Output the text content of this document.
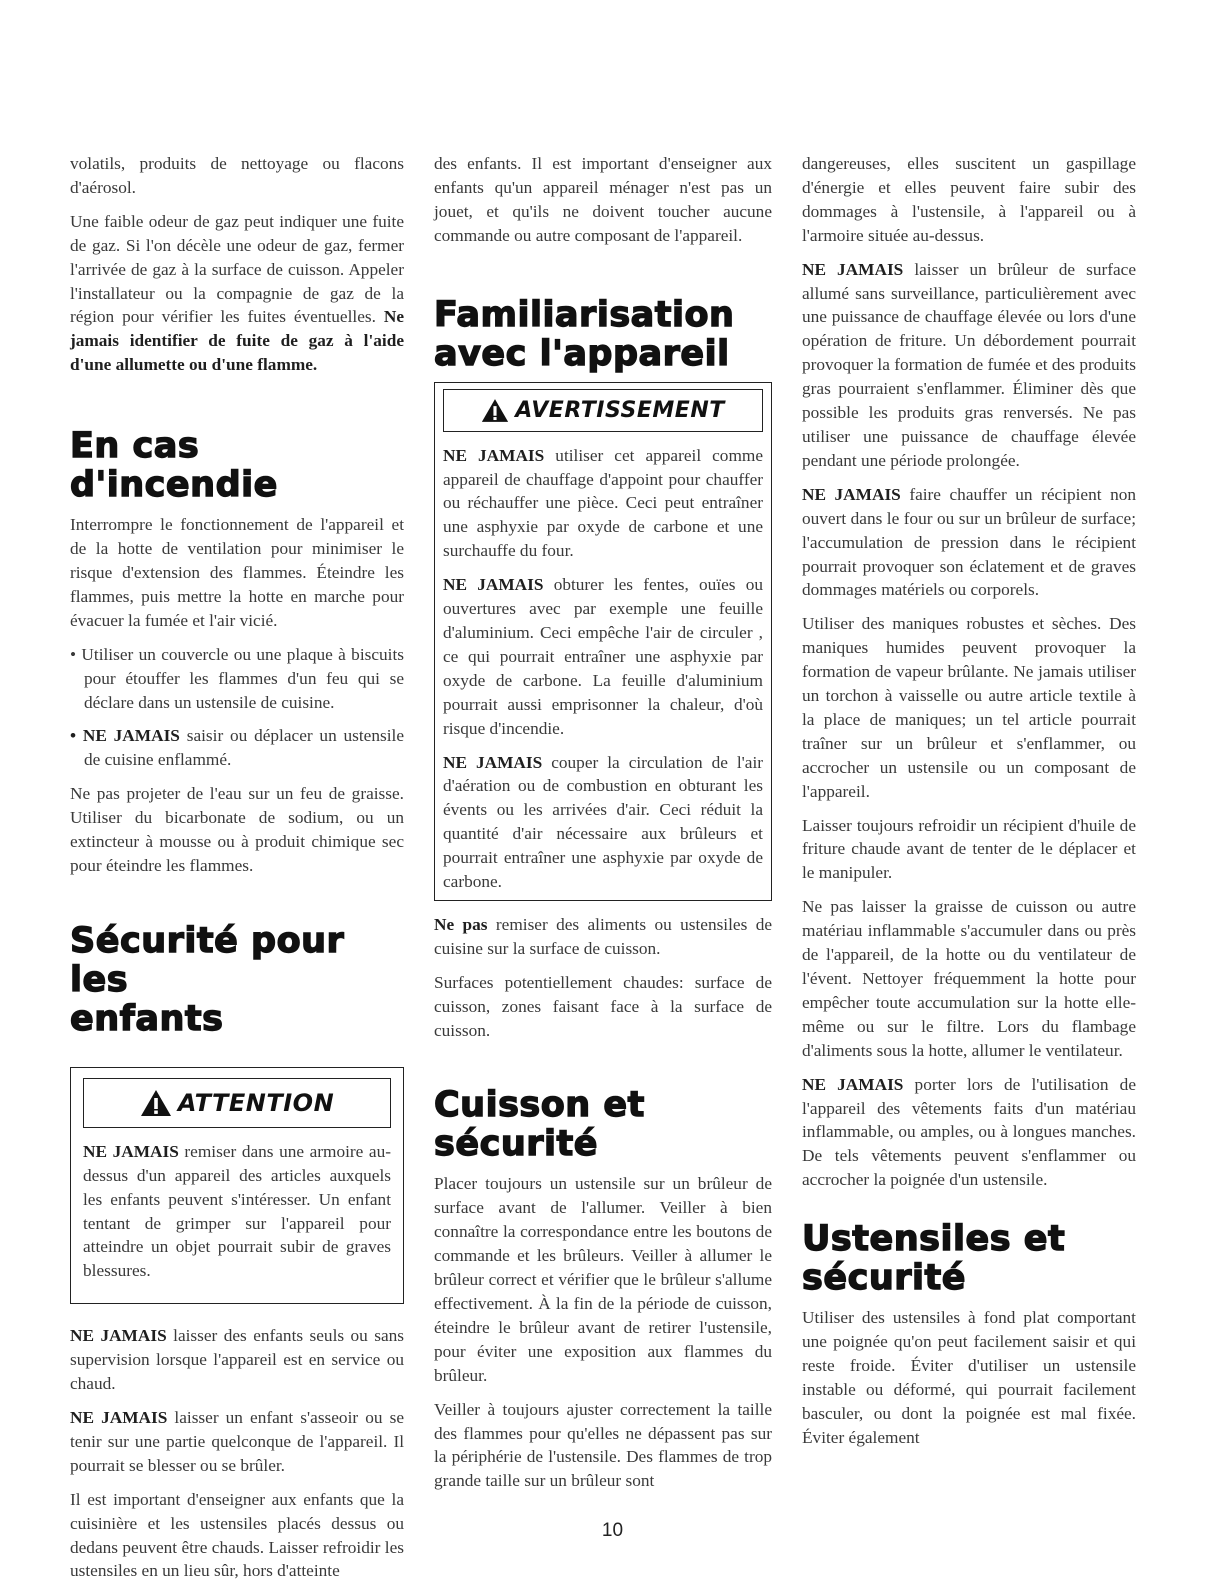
volatils, produits de nettoyage ou flacons d'aérosol.

Une faible odeur de gaz peut indiquer une fuite de gaz. Si l'on décèle une odeur de gaz, fermer l'arrivée de gaz à la surface de cuisson. Appeler l'installateur ou la compagnie de gaz de la région pour vérifier les fuites éventuelles. Ne jamais identifier de fuite de gaz à l'aide d'une allumette ou d'une flamme.

En cas
d'incendie

Interrompre le fonctionnement de l'appareil et de la hotte de ventilation pour minimiser le risque d'extension des flammes. Éteindre les flammes, puis mettre la hotte en marche pour évacuer la fumée et l'air vicié.

• Utiliser un couvercle ou une plaque à biscuits pour étouffer les flammes d'un feu qui se déclare dans un ustensile de cuisine.

• NE JAMAIS saisir ou déplacer un ustensile de cuisine enflammé.

Ne pas projeter de l'eau sur un feu de graisse. Utiliser du bicarbonate de sodium, ou un extincteur à mousse ou à produit chimique sec pour éteindre les flammes.

Sécurité pour les
enfants
ATTENTION

NE JAMAIS remiser dans une armoire au-dessus d'un appareil des articles auxquels les enfants peuvent s'intéresser. Un enfant tentant de grimper sur l'appareil pour atteindre un objet pourrait subir de graves blessures.

NE JAMAIS laisser des enfants seuls ou sans supervision lorsque l'appareil est en service ou chaud.

NE JAMAIS laisser un enfant s'asseoir ou se tenir sur une partie quelconque de l'appareil. Il pourrait se blesser ou se brûler.

Il est important d'enseigner aux enfants que la cuisinière et les ustensiles placés dessus ou dedans peuvent être chauds. Laisser refroidir les ustensiles en un lieu sûr, hors d'atteinte

des enfants. Il est important d'enseigner aux enfants qu'un appareil ménager n'est pas un jouet, et qu'ils ne doivent toucher aucune commande ou autre composant de l'appareil.

Familiarisation
avec l'appareil
AVERTISSEMENT

NE JAMAIS utiliser cet appareil comme appareil de chauffage d'appoint pour chauffer ou réchauffer une pièce. Ceci peut entraîner une asphyxie par oxyde de carbone et une surchauffe du four.

NE JAMAIS obturer les fentes, ouïes ou ouvertures avec par exemple une feuille d'aluminium. Ceci empêche l'air de circuler , ce qui pourrait entraîner une asphyxie par oxyde de carbone. La feuille d'aluminium pourrait aussi emprisonner la chaleur, d'où risque d'incendie.

NE JAMAIS couper la circulation de l'air d'aération ou de combustion en obturant les évents ou les arrivées d'air. Ceci réduit la quantité d'air nécessaire aux brûleurs et pourrait entraîner une asphyxie par oxyde de carbone.

Ne pas remiser des aliments ou ustensiles de cuisine sur la surface de cuisson.

Surfaces potentiellement chaudes: surface de cuisson, zones faisant face à la surface de cuisson.

Cuisson et
sécurité

Placer toujours un ustensile sur un brûleur de surface avant de l'allumer. Veiller à bien connaître la correspondance entre les boutons de commande et les brûleurs. Veiller à allumer le brûleur correct et vérifier que le brûleur s'allume effectivement. À la fin de la période de cuisson, éteindre le brûleur avant de retirer l'ustensile, pour éviter une exposition aux flammes du brûleur.

Veiller à toujours ajuster correctement la taille des flammes pour qu'elles ne dépassent pas sur la périphérie de l'ustensile. Des flammes de trop grande taille sur un brûleur sont

dangereuses, elles suscitent un gaspillage d'énergie et elles peuvent faire subir des dommages à l'ustensile, à l'appareil ou à l'armoire située au-dessus.

NE JAMAIS laisser un brûleur de surface allumé sans surveillance, particulièrement avec une puissance de chauffage élevée ou lors d'une opération de friture. Un débordement pourrait provoquer la formation de fumée et des produits gras pourraient s'enflammer. Éliminer dès que possible les produits gras renversés. Ne pas utiliser une puissance de chauffage élevée pendant une période prolongée.

NE JAMAIS faire chauffer un récipient non ouvert dans le four ou sur un brûleur de surface; l'accumulation de pression dans le récipient pourrait provoquer son éclatement et de graves dommages matériels ou corporels.

Utiliser des maniques robustes et sèches. Des maniques humides peuvent provoquer la formation de vapeur brûlante. Ne jamais utiliser un torchon à vaisselle ou autre article textile à la place de maniques; un tel article pourrait traîner sur un brûleur et s'enflammer, ou accrocher un ustensile ou un composant de l'appareil.

Laisser toujours refroidir un récipient d'huile de friture chaude avant de tenter de le déplacer et le manipuler.

Ne pas laisser la graisse de cuisson ou autre matériau inflammable s'accumuler dans ou près de l'appareil, de la hotte ou du ventilateur de l'évent. Nettoyer fréquemment la hotte pour empêcher toute accumulation sur la hotte elle-même ou sur le filtre. Lors du flambage d'aliments sous la hotte, allumer le ventilateur.

NE JAMAIS porter lors de l'utilisation de l'appareil des vêtements faits d'un matériau inflammable, ou amples, ou à longues manches. De tels vêtements peuvent s'enflammer ou accrocher la poignée d'un ustensile.

Ustensiles et
sécurité

Utiliser des ustensiles à fond plat comportant une poignée qu'on peut facilement saisir et qui reste froide. Éviter d'utiliser un ustensile instable ou déformé, qui pourrait facilement basculer, ou dont la poignée est mal fixée. Éviter également

10
